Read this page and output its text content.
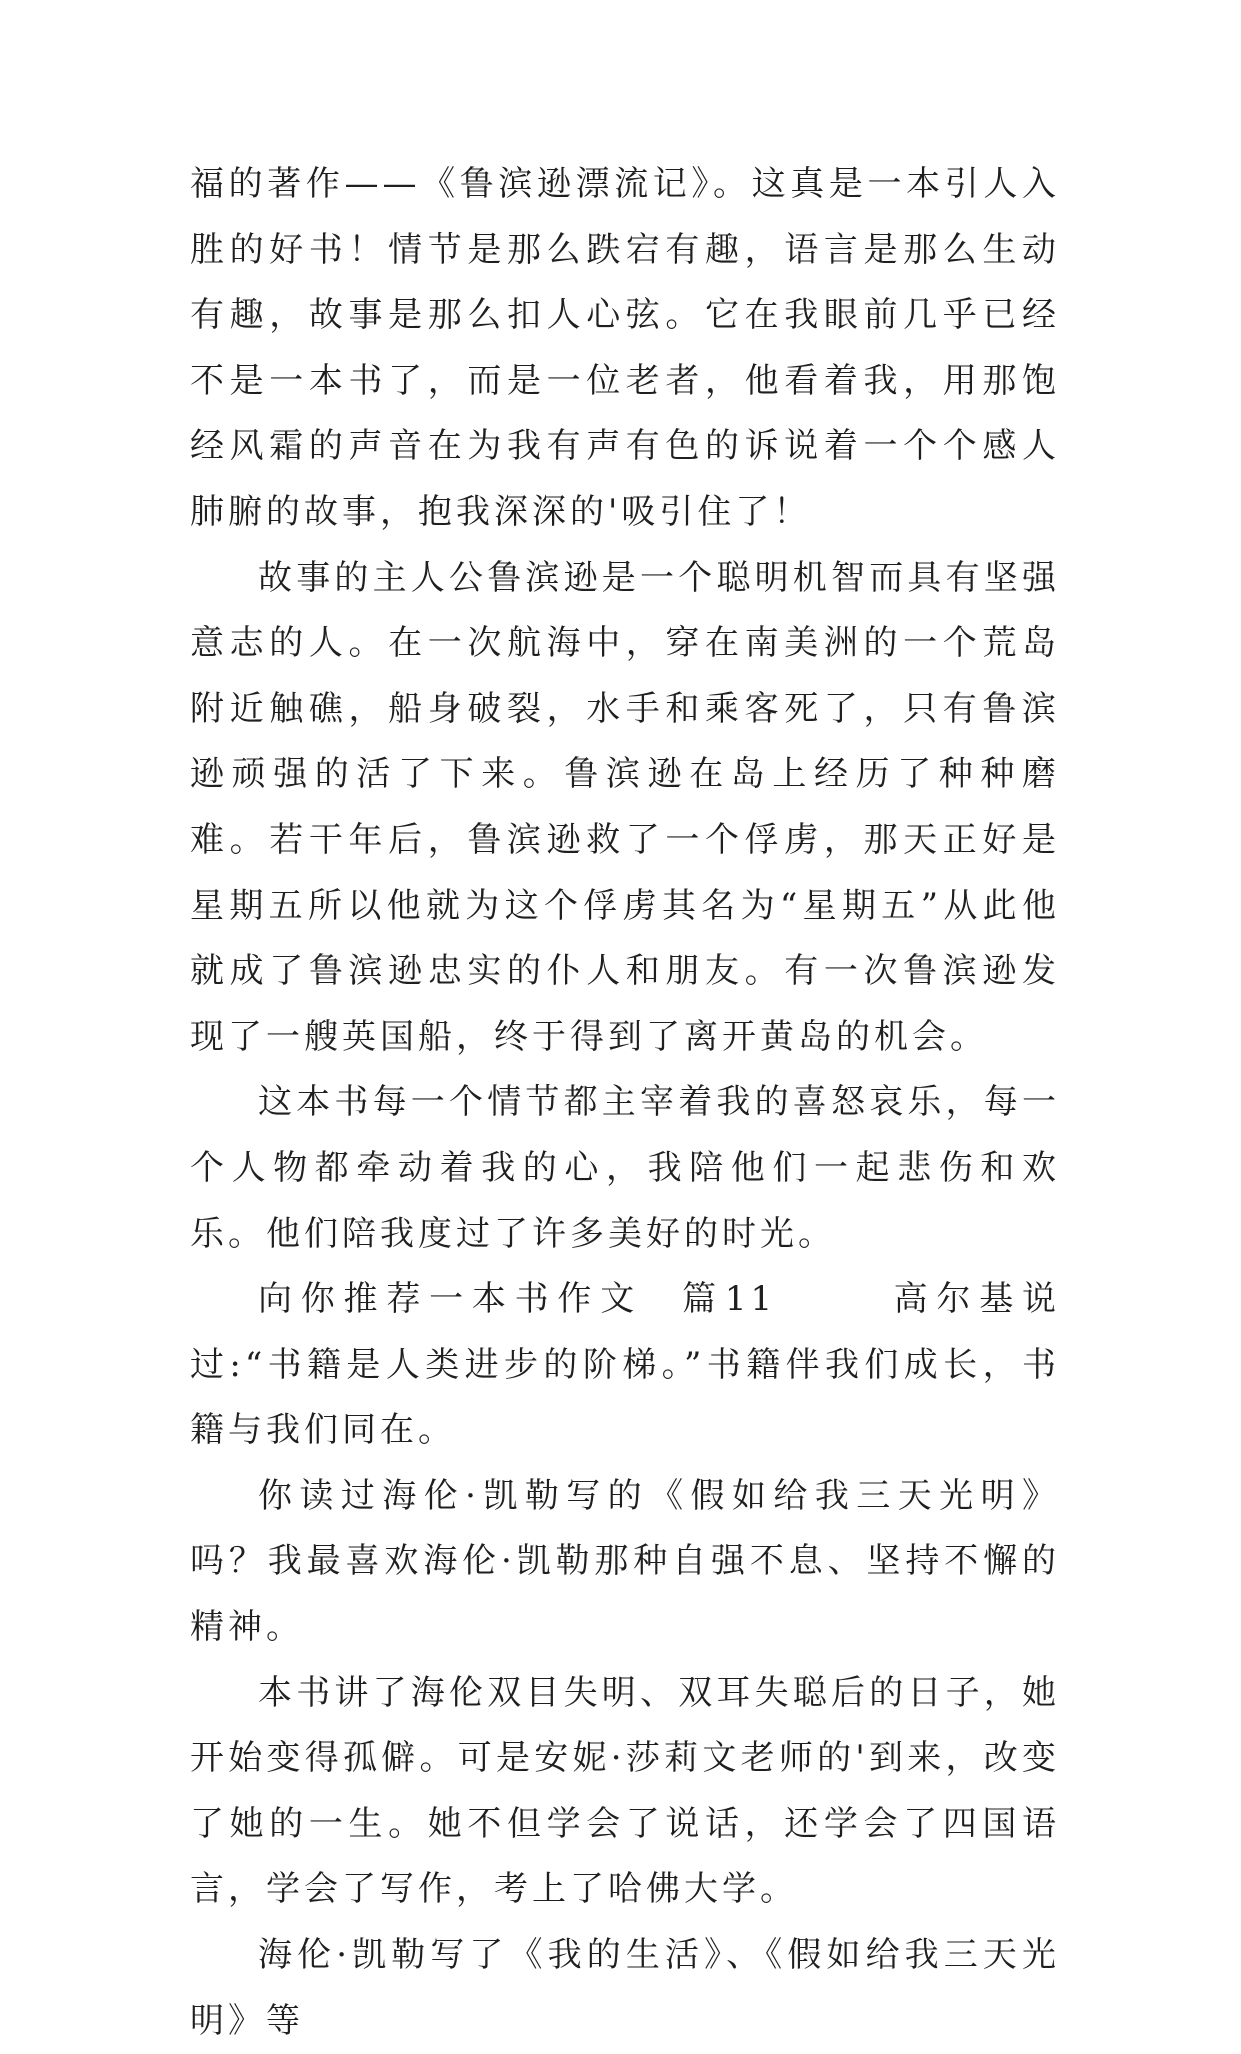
福的著作——《鲁滨逊漂流记》。这真是一本引人入胜的好书！情节是那么跌宕有趣，语言是那么生动有趣，故事是那么扣人心弦。它在我眼前几乎已经不是一本书了，而是一位老者，他看着我，用那饱经风霜的声音在为我有声有色的诉说着一个个感人肺腑的故事，抱我深深的'吸引住了！

故事的主人公鲁滨逊是一个聪明机智而具有坚强意志的人。在一次航海中，穿在南美洲的一个荒岛附近触礁，船身破裂，水手和乘客死了，只有鲁滨逊顽强的活了下来。鲁滨逊在岛上经历了种种磨难。若干年后，鲁滨逊救了一个俘虏，那天正好是星期五所以他就为这个俘虏其名为“星期五”从此他就成了鲁滨逊忠实的仆人和朋友。有一次鲁滨逊发现了一艘英国船，终于得到了离开黄岛的机会。

这本书每一个情节都主宰着我的喜怒哀乐，每一个人物都牵动着我的心，我陪他们一起悲伤和欢乐。他们陪我度过了许多美好的时光。

向你推荐一本书作文  篇11      高尔基说过:“书籍是人类进步的阶梯。”书籍伴我们成长，书籍与我们同在。

你读过海伦·凯勒写的《假如给我三天光明》吗？我最喜欢海伦·凯勒那种自强不息、坚持不懈的精神。

本书讲了海伦双目失明、双耳失聪后的日子，她开始变得孤僻。可是安妮·莎莉文老师的'到来，改变了她的一生。她不但学会了说话，还学会了四国语言，学会了写作，考上了哈佛大学。

海伦·凯勒写了《我的生活》、《假如给我三天光明》等
